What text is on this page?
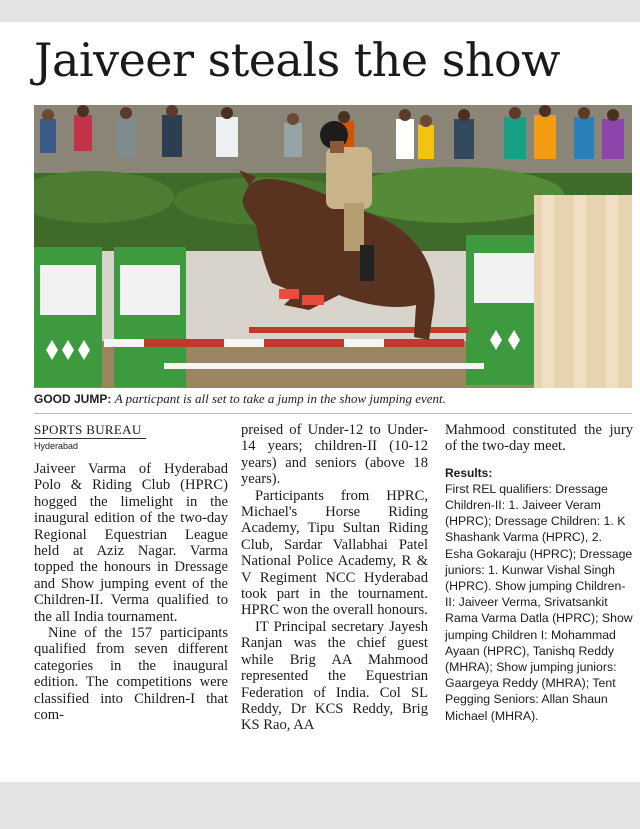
Jaiveer steals the show
GOOD JUMP: A particpant is all set to take a jump in the show jumping event.
SPORTS BUREAU
Hyderabad

Jaiveer Varma of Hyderabad Polo & Riding Club (HPRC) hogged the limelight in the inaugural edition of the two-day Regional Equestrian League held at Aziz Nagar. Varma topped the honours in Dressage and Show jumping event of the Children-II. Verma qualified to the all India tournament.

Nine of the 157 participants qualified from seven different categories in the inaugural edition. The competitions were classified into Children-I that com-

preised of Under-12 to Under-14 years; children-II (10-12 years) and seniors (above 18 years).

Participants from HPRC, Michael's Horse Riding Academy, Tipu Sultan Riding Club, Sardar Vallabhai Patel National Police Academy, R & V Regiment NCC Hyderabad took part in the tournament. HPRC won the overall honours.

IT Principal secretary Jayesh Ranjan was the chief guest while Brig AA Mahmood represented the Equestrian Federation of India. Col SL Reddy, Dr KCS Reddy, Brig KS Rao, AA

Mahmood constituted the jury of the two-day meet.

Results:
First REL qualifiers: Dressage Children-II: 1. Jaiveer Veram (HPRC); Dressage Children: 1. K Shashank Varma (HPRC), 2. Esha Gokaraju (HPRC); Dressage juniors: 1. Kunwar Vishal Singh (HPRC). Show jumping Children-II: Jaiveer Verma, Srivatsankit Rama Varma Datla (HPRC); Show jumping Children I: Mohammad Ayaan (HPRC), Tanishq Reddy (MHRA); Show jumping juniors: Gaargeya Reddy (MHRA); Tent Pegging Seniors: Allan Shaun Michael (MHRA).
